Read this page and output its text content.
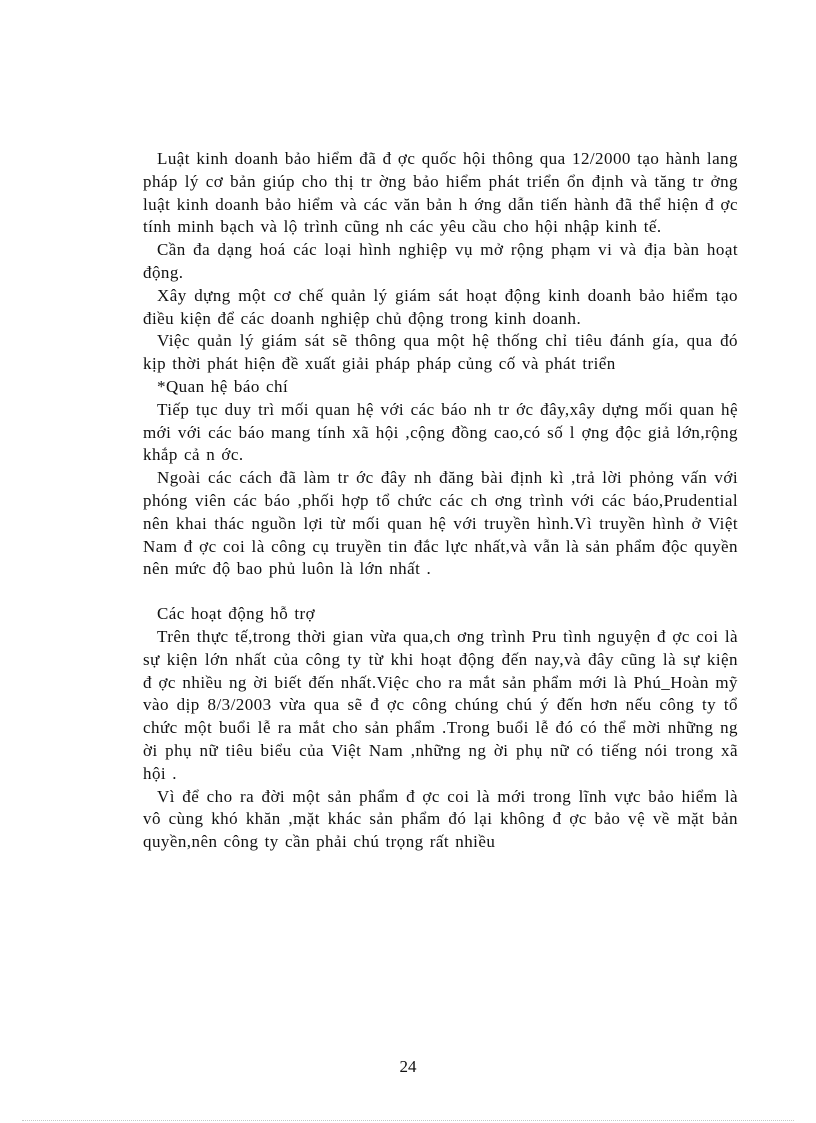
Luật kinh doanh bảo hiểm đã đ ợc quốc hội thông qua 12/2000 tạo hành lang pháp lý cơ bản giúp cho thị tr ờng bảo hiểm phát triển ổn định và tăng tr ởng luật kinh doanh bảo hiểm và các văn bản h ớng dẫn tiến hành đã thể hiện đ ợc tính minh bạch và lộ trình cũng nh các yêu cầu cho hội nhập kinh tế.

Cần đa dạng hoá các loại hình nghiệp vụ mở rộng phạm vi và địa bàn hoạt động.

Xây dựng một cơ chế quản lý giám sát hoạt động kinh doanh bảo hiểm tạo điều kiện để các doanh nghiệp chủ động trong kinh doanh.

Việc quản lý giám sát sẽ thông qua một hệ thống chỉ tiêu đánh gía, qua đó kịp thời phát hiện đề xuất giải pháp pháp củng cố và phát triển

*Quan hệ báo chí

Tiếp tục duy trì mối quan hệ với các báo nh tr ớc đây,xây dựng mối quan hệ mới với các báo mang tính xã hội ,cộng đồng cao,có số l ợng độc giả lớn,rộng khắp cả n ớc.

Ngoài các cách đã làm tr ớc đây nh đăng bài định kì ,trả lời phỏng vấn với phóng viên các báo ,phối hợp tổ chức các ch ơng trình với các báo,Prudential nên khai thác nguồn lợi từ mối quan hệ với truyền hình.Vì truyền hình ở Việt Nam đ ợc coi là công cụ truyền tin đắc lực nhất,và vẫn là sản phẩm độc quyền nên mức độ bao phủ luôn là lớn nhất .

Các hoạt động hỗ trợ

Trên thực tế,trong thời gian vừa qua,ch ơng trình Pru tình nguyện đ ợc coi là sự kiện lớn nhất của công ty từ khi hoạt động đến nay,và đây cũng là sự kiện đ ợc nhiều ng ời biết đến nhất.Việc cho ra mắt sản phẩm mới là Phú_Hoàn mỹ vào dịp 8/3/2003 vừa qua sẽ đ ợc công chúng chú ý đến hơn nếu công ty tổ chức một buổi lễ ra mắt cho sản phẩm .Trong buổi lễ đó có thể mời những ng ời phụ nữ tiêu biểu của Việt Nam ,những ng ời phụ nữ có tiếng nói trong xã hội .

Vì để cho ra đời một sản phẩm đ ợc coi là mới trong lĩnh vực bảo hiểm là vô cùng khó khăn ,mặt khác sản phẩm đó lại không đ ợc bảo vệ về mặt bản quyền,nên công ty cần phải chú trọng rất nhiều

24
